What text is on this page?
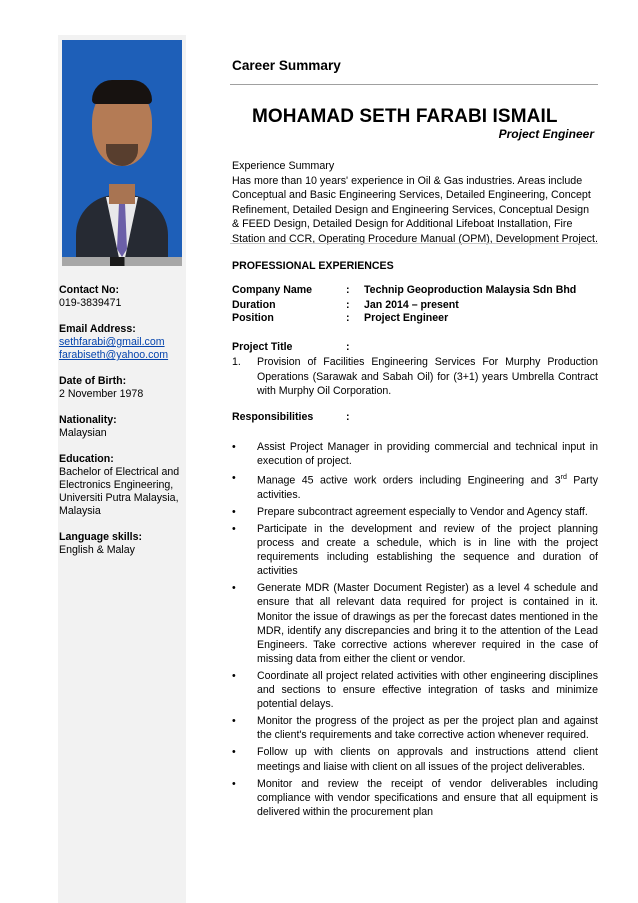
Contact No:
019-3839471
Email Address:
sethfarabi@gmail.com
farabiseth@yahoo.com
Date of Birth:
2 November 1978
Nationality:
Malaysian
Education:
Bachelor of Electrical and Electronics Engineering, Universiti Putra Malaysia, Malaysia
Language skills:
English & Malay
Career Summary
MOHAMAD SETH FARABI ISMAIL
Project Engineer
Experience Summary
Has more than 10 years' experience in Oil & Gas industries. Areas include Conceptual and Basic Engineering Services, Detailed Engineering, Concept Refinement, Detailed Design and Engineering Services, Conceptual Design & FEED Design, Detailed Design for Additional Lifeboat Installation, Fire Station and CCR, Operating Procedure Manual (OPM), Development Project.
PROFESSIONAL EXPERIENCES
Company Name	: Technip Geoproduction Malaysia Sdn Bhd
Duration	: Jan 2014 – present
Position	: Project Engineer
Project Title	:
1. Provision of Facilities Engineering Services For Murphy Production Operations (Sarawak and Sabah Oil) for (3+1) years Umbrella Contract with Murphy Oil Corporation.
Responsibilities	:
• Assist Project Manager in providing commercial and technical input in execution of project.
• Manage 45 active work orders including Engineering and 3rd Party activities.
• Prepare subcontract agreement especially to Vendor and Agency staff.
• Participate in the development and review of the project planning process and create a schedule, which is in line with the project requirements including establishing the sequence and duration of activities
• Generate MDR (Master Document Register) as a level 4 schedule and ensure that all relevant data required for project is contained in it. Monitor the issue of drawings as per the forecast dates mentioned in the MDR, identify any discrepancies and bring it to the attention of the Lead Engineers. Take corrective actions wherever required in the case of missing data from either the client or vendor.
• Coordinate all project related activities with other engineering disciplines and sections to ensure effective integration of tasks and minimize potential delays.
• Monitor the progress of the project as per the project plan and against the client's requirements and take corrective action whenever required.
• Follow up with clients on approvals and instructions attend client meetings and liaise with client on all issues of the project deliverables.
• Monitor and review the receipt of vendor deliverables including compliance with vendor specifications and ensure that all equipment is delivered within the procurement plan
